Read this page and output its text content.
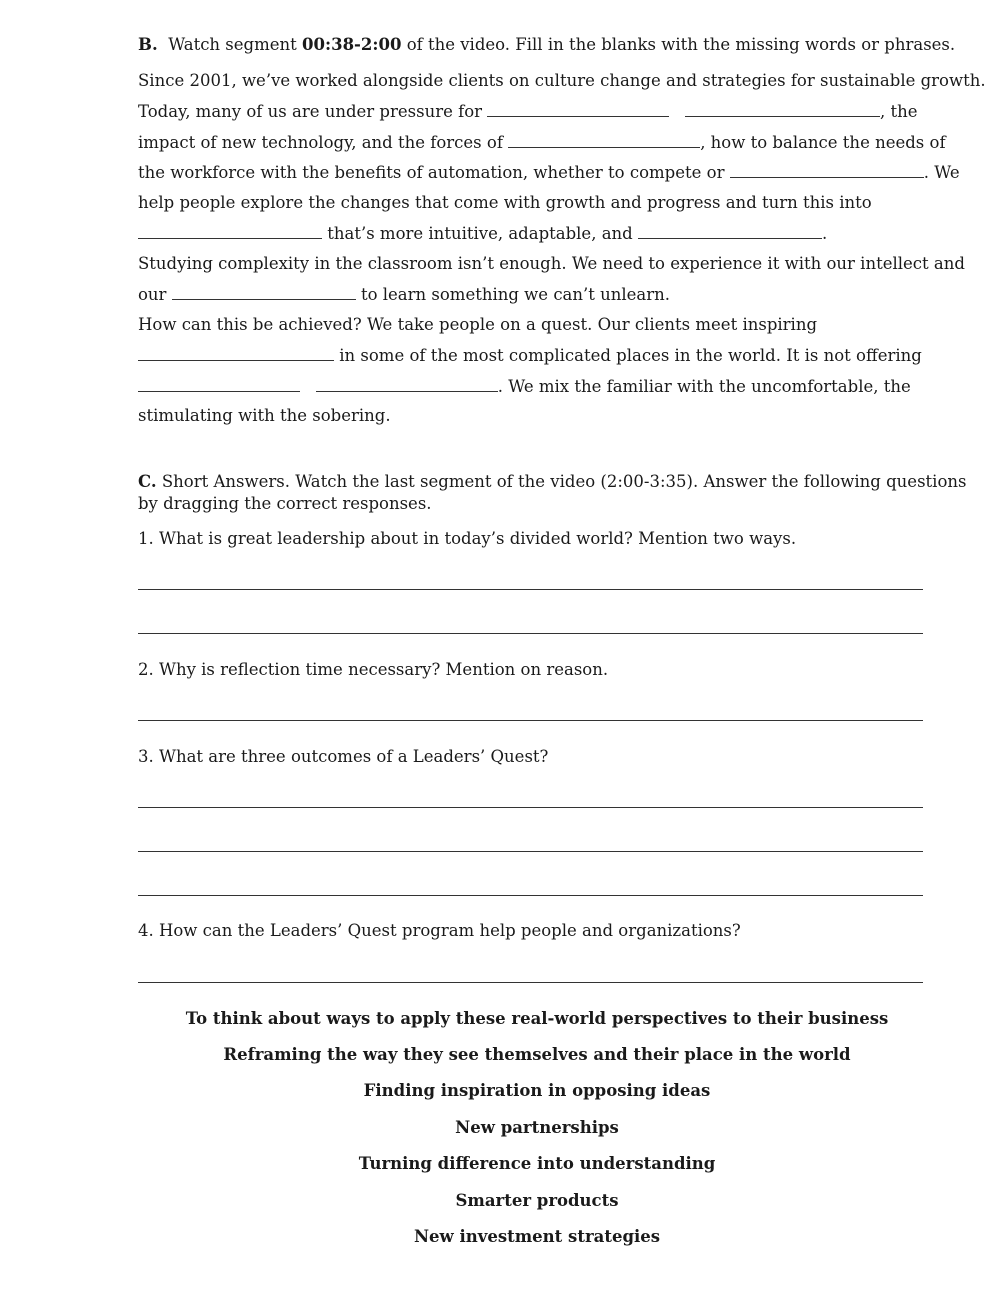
B. Watch segment 00:38-2:00 of the video. Fill in the blanks with the missing words or phrases.
Since 2001, we’ve worked alongside clients on culture change and strategies for sustainable growth.
Today, many of us are under pressure for	, the
impact of new technology, and the forces of	, how to balance the needs of
the workforce with the benefits of automation, whether to compete or	. We
help people explore the changes that come with growth and progress and turn this into
that’s more intuitive, adaptable, and	.
Studying complexity in the classroom isn’t enough. We need to experience it with our intellect and
our	to learn something we can’t unlearn.
How can this be achieved? We take people on a quest. Our clients meet inspiring
in some of the most complicated places in the world. It is not offering
. We mix the familiar with the uncomfortable, the
stimulating with the sobering.
C. Short Answers. Watch the last segment of the video (2:00-3:35). Answer the following questions
by dragging the correct responses.
1. What is great leadership about in today’s divided world? Mention two ways.
2. Why is reflection time necessary? Mention on reason.
3. What are three outcomes of a Leaders’ Quest?
4. How can the Leaders’ Quest program help people and organizations?
To think about ways to apply these real-world perspectives to their business
Reframing the way they see themselves and their place in the world
Finding inspiration in opposing ideas
New partnerships
Turning difference into understanding
Smarter products
New investment strategies
